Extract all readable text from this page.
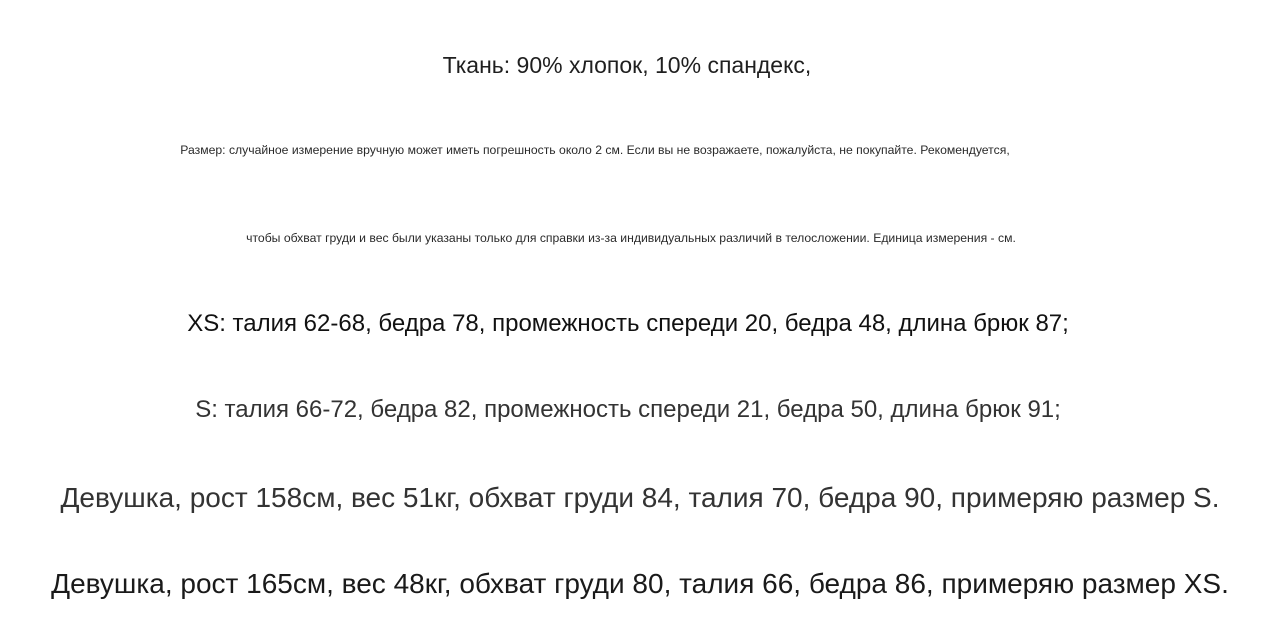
Ткань: 90% хлопок, 10% спандекс,
Размер: случайное измерение вручную может иметь погрешность около 2 см. Если вы не возражаете, пожалуйста, не покупайте. Рекомендуется,
чтобы обхват груди и вес были указаны только для справки из-за индивидуальных различий в телосложении. Единица измерения - см.
XS: талия 62-68, бедра 78, промежность спереди 20, бедра 48, длина брюк 87;
S: талия 66-72, бедра 82, промежность спереди 21, бедра 50, длина брюк 91;
Девушка, рост 158см, вес 51кг, обхват груди 84, талия 70, бедра 90, примеряю размер S.
Девушка, рост 165см, вес 48кг, обхват груди 80, талия 66, бедра 86, примеряю размер XS.
